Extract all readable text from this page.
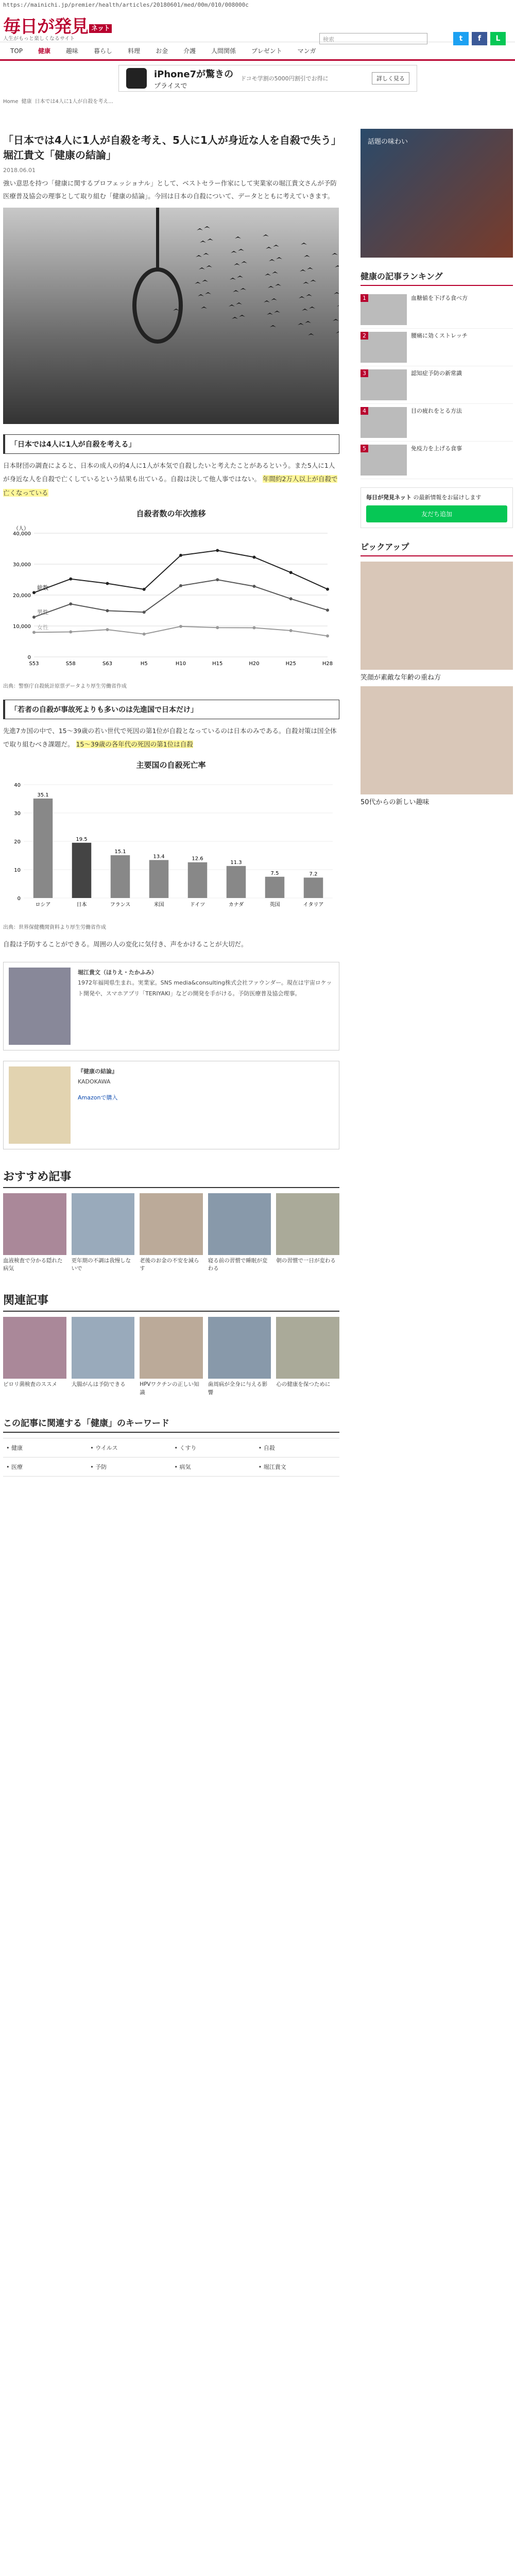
https://mainichi.jp/premier/health/articles/20180601/med/00m/010/008000c
毎日が発見 ネット
人生がもっと楽しくなるサイト	検索	t	f	L
TOP	健康	趣味	暮らし	料理	お金	介護	人間関係	プレゼント	マンガ
iPhone7が驚きの
プライスで
ドコモ学割の5000円割引でお得に	詳しく見る
Home 健康 日本では4人に1人が自殺を考え...
「日本では4人に1人が自殺を考え、5人に1人が身近な人を自殺で失う」堀江貴文「健康の結論」
2018.06.01

強い意思を持つ「健康に関するプロフェッショナル」として、ベストセラー作家にして実業家の堀江貴文さんが予防医療普及協会の理事として取り組む「健康の結論」。今回は日本の自殺について、データとともに考えていきます。

「日本では4人に1人が自殺を考える」

日本財団の調査によると、日本の成人の約4人に1人が本気で自殺したいと考えたことがあるという。また5人に1人が身近な人を自殺で亡くしているという結果も出ている。自殺は決して他人事ではない。 年間約2万人以上が自殺で亡くなっている

自殺者数の年次推移
0
10,000
20,000
30,000
40,000
（人）
S53	S58	S63	H5	H10	H15	H20	H25	H28
総数
男性
女性
出典：警察庁自殺統計原票データより厚生労働省作成
「若者の自殺が事故死よりも多いのは先進国で日本だけ」

先進7カ国の中で、15〜39歳の若い世代で死因の第1位が自殺となっているのは日本のみである。自殺対策は国全体で取り組むべき課題だ。 15〜39歳の各年代の死因の第1位は自殺

主要国の自殺死亡率
0
10
20
30
40
35.1
ロシア
19.5
日本
15.1
フランス
13.4
米国
12.6
ドイツ
11.3
カナダ
7.5
英国
7.2
イタリア
出典：世界保健機関資料より厚生労働省作成

自殺は予防することができる。周囲の人の変化に気付き、声をかけることが大切だ。

堀江貴文（ほりえ・たかふみ）

1972年福岡県生まれ。実業家。SNS media&consulting株式会社ファウンダー。現在は宇宙ロケット開発や、スマホアプリ「TERIYAKI」などの開発を手がける。予防医療普及協会理事。

『健康の結論』

KADOKAWA

Amazonで購入

おすすめ記事

血液検査で分かる隠れた病気

更年期の不調は我慢しないで

老後のお金の不安を減らす

寝る前の習慣で睡眠が変わる

朝の習慣で一日が変わる

関連記事

ピロリ菌検査のススメ	大腸がんは予防できる	HPVワクチンの正しい知識

歯周病が全身に与える影響

心の健康を保つために

この記事に関連する「健康」のキーワード
• 健康	• ウイルス	• くすり	• 自殺
• 医療	• 予防	• 病気	• 堀江貴文
話題の味わい
健康の記事ランキング
1	血糖値を下げる食べ方

2	腰痛に効くストレッチ

3	認知症予防の新常識

4	目の疲れをとる方法

5	免疫力を上げる食事

毎日が発見ネット の最新情報をお届けします
友だち追加
ピックアップ

笑顔が素敵な年齢の重ね方

50代からの新しい趣味
